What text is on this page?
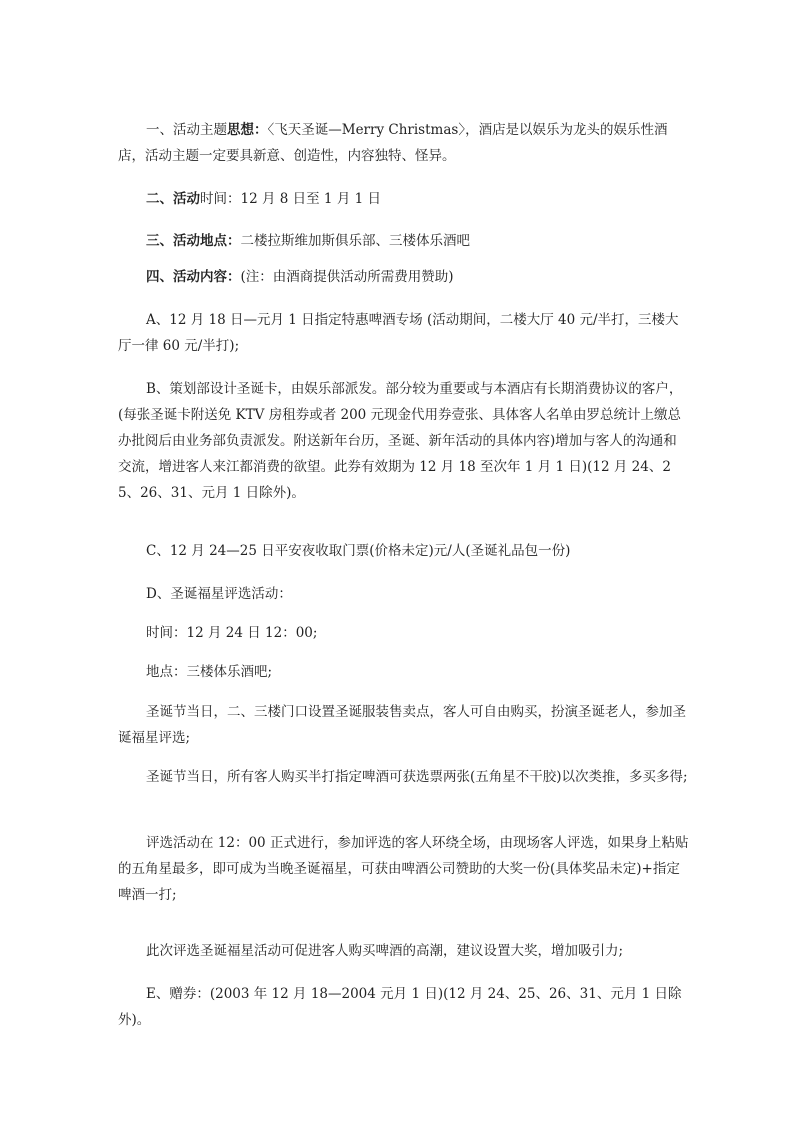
一、活动主题思想：〈飞天圣诞—Merry Christmas〉，酒店是以娱乐为龙头的娱乐性酒店，活动主题一定要具新意、创造性，内容独特、怪异。

二、活动时间：12 月 8 日至 1 月 1 日

三、活动地点：二楼拉斯维加斯俱乐部、三楼体乐酒吧

四、活动内容：(注：由酒商提供活动所需费用赞助)

A、12 月 18 日—元月 1 日指定特惠啤酒专场 (活动期间，二楼大厅 40 元/半打，三楼大厅一律 60 元/半打);

B、策划部设计圣诞卡，由娱乐部派发。部分较为重要或与本酒店有长期消费协议的客户，(每张圣诞卡附送免 KTV 房租券或者 200 元现金代用券壹张、具体客人名单由罗总统计上缴总办批阅后由业务部负责派发。附送新年台历，圣诞、新年活动的具体内容)增加与客人的沟通和交流，增进客人来江都消费的欲望。此券有效期为 12 月 18 至次年 1 月 1 日)(12 月 24、25、26、31、元月 1 日除外)。

C、12 月 24—25 日平安夜收取门票(价格未定)元/人(圣诞礼品包一份)

D、圣诞福星评选活动：

时间：12 月 24 日 12：00;

地点：三楼体乐酒吧;

圣诞节当日，二、三楼门口设置圣诞服装售卖点，客人可自由购买，扮演圣诞老人，参加圣诞福星评选;

圣诞节当日，所有客人购买半打指定啤酒可获选票两张(五角星不干胶)以次类推，多买多得;

评选活动在 12：00 正式进行，参加评选的客人环绕全场，由现场客人评选，如果身上粘贴的五角星最多，即可成为当晚圣诞福星，可获由啤酒公司赞助的大奖一份(具体奖品未定)+指定啤酒一打;

此次评选圣诞福星活动可促进客人购买啤酒的高潮，建议设置大奖，增加吸引力;

E、赠券：(2003 年 12 月 18—2004 元月 1 日)(12 月 24、25、26、31、元月 1 日除外)。
